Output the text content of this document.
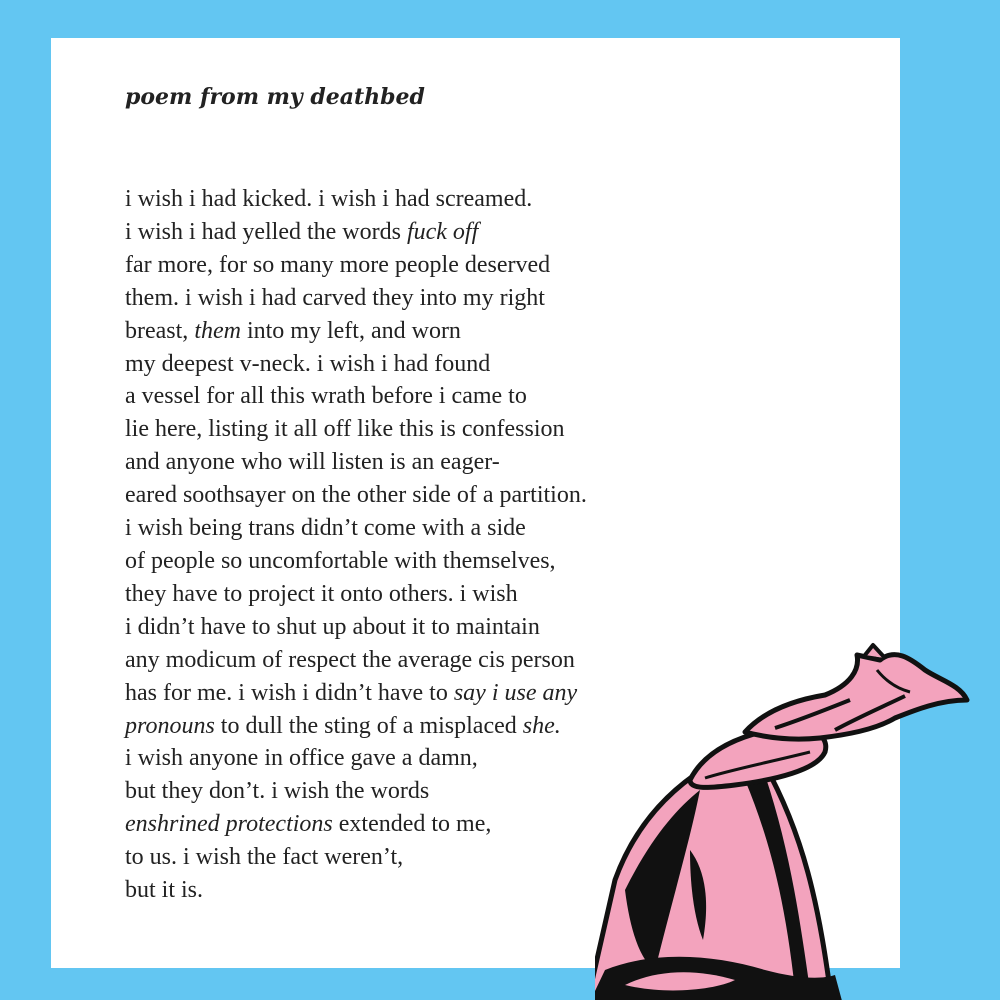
poem from my deathbed
i wish i had kicked. i wish i had screamed.
i wish i had yelled the words fuck off
far more, for so many more people deserved
them. i wish i had carved they into my right
breast, them into my left, and worn
my deepest v-neck. i wish i had found
a vessel for all this wrath before i came to
lie here, listing it all off like this is confession
and anyone who will listen is an eager-
eared soothsayer on the other side of a partition.
i wish being trans didn’t come with a side
of people so uncomfortable with themselves,
they have to project it onto others. i wish
i didn’t have to shut up about it to maintain
any modicum of respect the average cis person
has for me. i wish i didn’t have to say i use any
pronouns to dull the sting of a misplaced she.
i wish anyone in office gave a damn,
but they don’t. i wish the words
enshrined protections extended to me,
to us. i wish the fact weren’t,
but it is.
